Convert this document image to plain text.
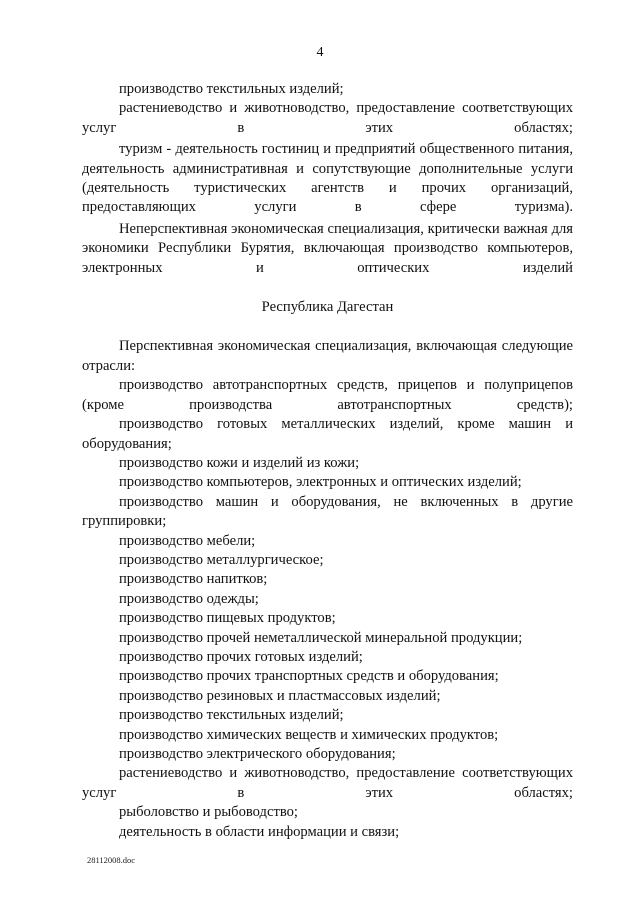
4

производство текстильных изделий;

растениеводство и животноводство, предоставление соответствующих услуг в этих областях;

туризм - деятельность гостиниц и предприятий общественного питания, деятельность административная и сопутствующие дополнительные услуги (деятельность туристических агентств и прочих организаций, предоставляющих услуги в сфере туризма).

Неперспективная экономическая специализация, критически важная для экономики Республики Бурятия, включающая производство компьютеров, электронных и оптических изделий

Республика Дагестан

Перспективная экономическая специализация, включающая следующие отрасли:

производство автотранспортных средств, прицепов и полуприцепов (кроме производства автотранспортных средств);

производство готовых металлических изделий, кроме машин и оборудования;

производство кожи и изделий из кожи;

производство компьютеров, электронных и оптических изделий;

производство машин и оборудования, не включенных в другие группировки;

производство мебели;

производство металлургическое;

производство напитков;

производство одежды;

производство пищевых продуктов;

производство прочей неметаллической минеральной продукции;

производство прочих готовых изделий;

производство прочих транспортных средств и оборудования;

производство резиновых и пластмассовых изделий;

производство текстильных изделий;

производство химических веществ и химических продуктов;

производство электрического оборудования;

растениеводство и животноводство, предоставление соответствующих услуг в этих областях;

рыболовство и рыбоводство;

деятельность в области информации и связи;

28112008.doc
